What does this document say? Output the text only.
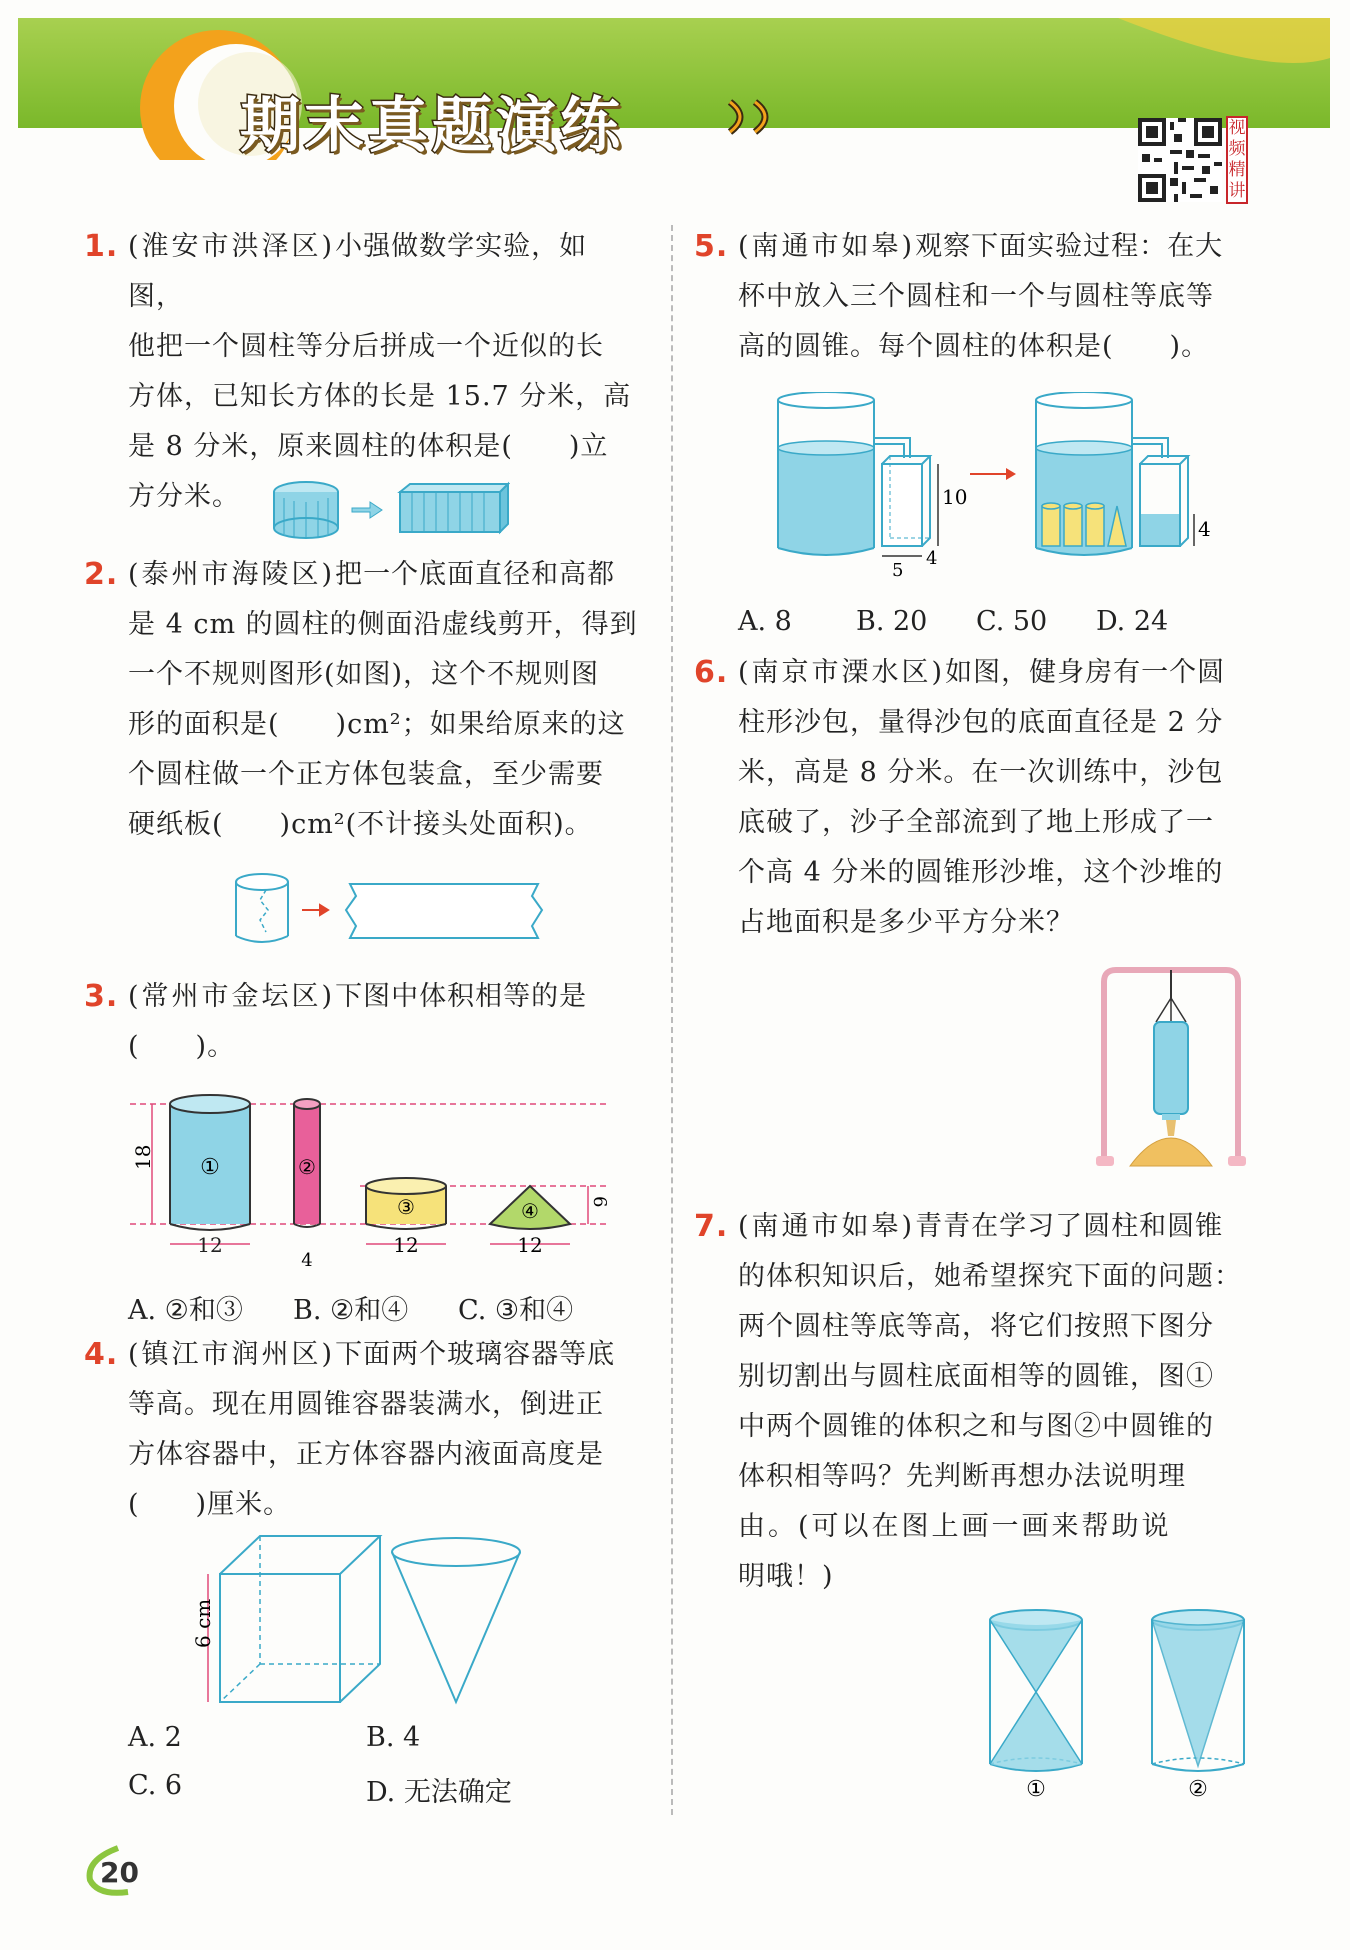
期末真题演练	视
频
精
讲
1. (淮安市洪泽区)小强做数学实验，如图，
他把一个圆柱等分后拼成一个近似的长
方体，已知长方体的长是 15.7 分米，高
是 8 分米，原来圆柱的体积是(　　)立
方分米。
2. (泰州市海陵区)把一个底面直径和高都
是 4 cm 的圆柱的侧面沿虚线剪开，得到
一个不规则图形(如图)，这个不规则图
形的面积是(　　)cm²；如果给原来的这
个圆柱做一个正方体包装盒，至少需要
硬纸板(　　)cm²(不计接头处面积)。
3. (常州市金坛区)下图中体积相等的是
(　　)。
18 ①
12
②
4
③
12
④
12
6
A. ②和③ B. ②和④ C. ③和④
4. (镇江市润州区)下面两个玻璃容器等底
等高。现在用圆锥容器装满水，倒进正
方体容器中，正方体容器内液面高度是
(　　)厘米。
6 cm
A. 2	B. 4
C. 6	D. 无法确定
5. (南通市如皋)观察下面实验过程：在大
杯中放入三个圆柱和一个与圆柱等底等
高的圆锥。每个圆柱的体积是(　　)。
10
5
4
4
A. 8 B. 20 C. 50 D. 24
6. (南京市溧水区)如图，健身房有一个圆
柱形沙包，量得沙包的底面直径是 2 分
米，高是 8 分米。在一次训练中，沙包
底破了，沙子全部流到了地上形成了一
个高 4 分米的圆锥形沙堆，这个沙堆的
占地面积是多少平方分米？
7. (南通市如皋)青青在学习了圆柱和圆锥
的体积知识后，她希望探究下面的问题：
两个圆柱等底等高，将它们按照下图分
别切割出与圆柱底面相等的圆锥，图①
中两个圆锥的体积之和与图②中圆锥的
体积相等吗？先判断再想办法说明理
由。(可以在图上画一画来帮助说
明哦！)
①	②
20
